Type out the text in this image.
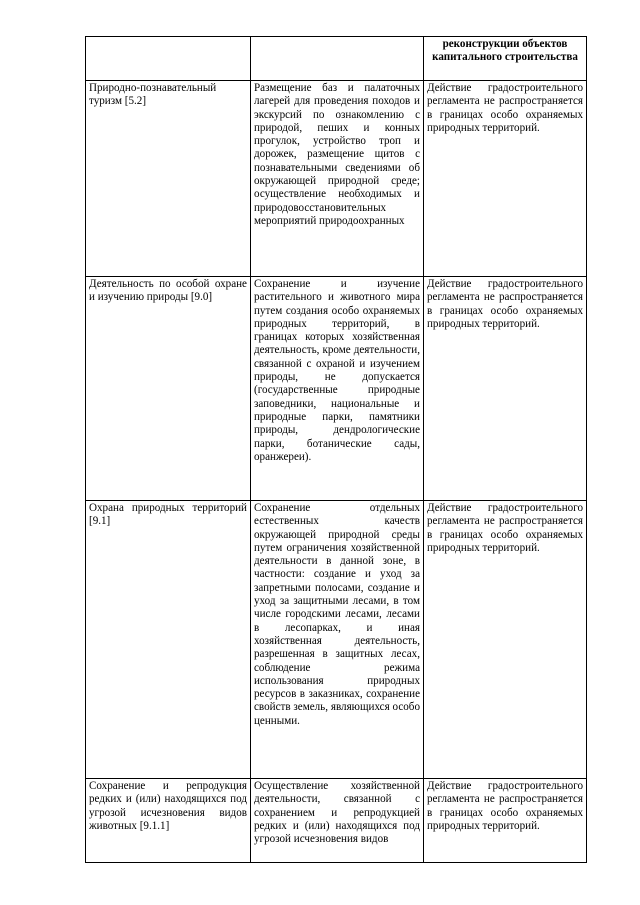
		реконструкции объектов капитального строительства
Природно-познавательный туризм [5.2]	Размещение баз и палаточных лагерей для проведения походов и экскурсий по ознакомлению с природой, пеших и конных прогулок, устройство троп и дорожек, размещение щитов с познавательными сведениями об окружающей природной среде; осуществление необходимых и природовосстановительных мероприятий природоохранных	Действие градостроительного регламента не распространяется в границах особо охраняемых природных территорий.
Деятельность по особой охране и изучению природы [9.0]	Сохранение и изучение растительного и животного мира путем создания особо охраняемых природных территорий, в границах которых хозяйственная деятельность, кроме деятельности, связанной с охраной и изучением природы, не допускается (государственные природные заповедники, национальные и природные парки, памятники природы, дендрологические парки, ботанические сады, оранжереи).	Действие градостроительного регламента не распространяется в границах особо охраняемых природных территорий.
Охрана природных территорий [9.1]	Сохранение отдельных естественных качеств окружающей природной среды путем ограничения хозяйственной деятельности в данной зоне, в частности: создание и уход за запретными полосами, создание и уход за защитными лесами, в том числе городскими лесами, лесами в лесопарках, и иная хозяйственная деятельность, разрешенная в защитных лесах, соблюдение режима использования природных ресурсов в заказниках, сохранение свойств земель, являющихся особо ценными.	Действие градостроительного регламента не распространяется в границах особо охраняемых природных территорий.
Сохранение и репродукция редких и (или) находящихся под угрозой исчезновения видов животных [9.1.1]	Осуществление хозяйственной деятельности, связанной с сохранением и репродукцией редких и (или) находящихся под угрозой исчезновения видов	Действие градостроительного регламента не распространяется в границах особо охраняемых природных территорий.
